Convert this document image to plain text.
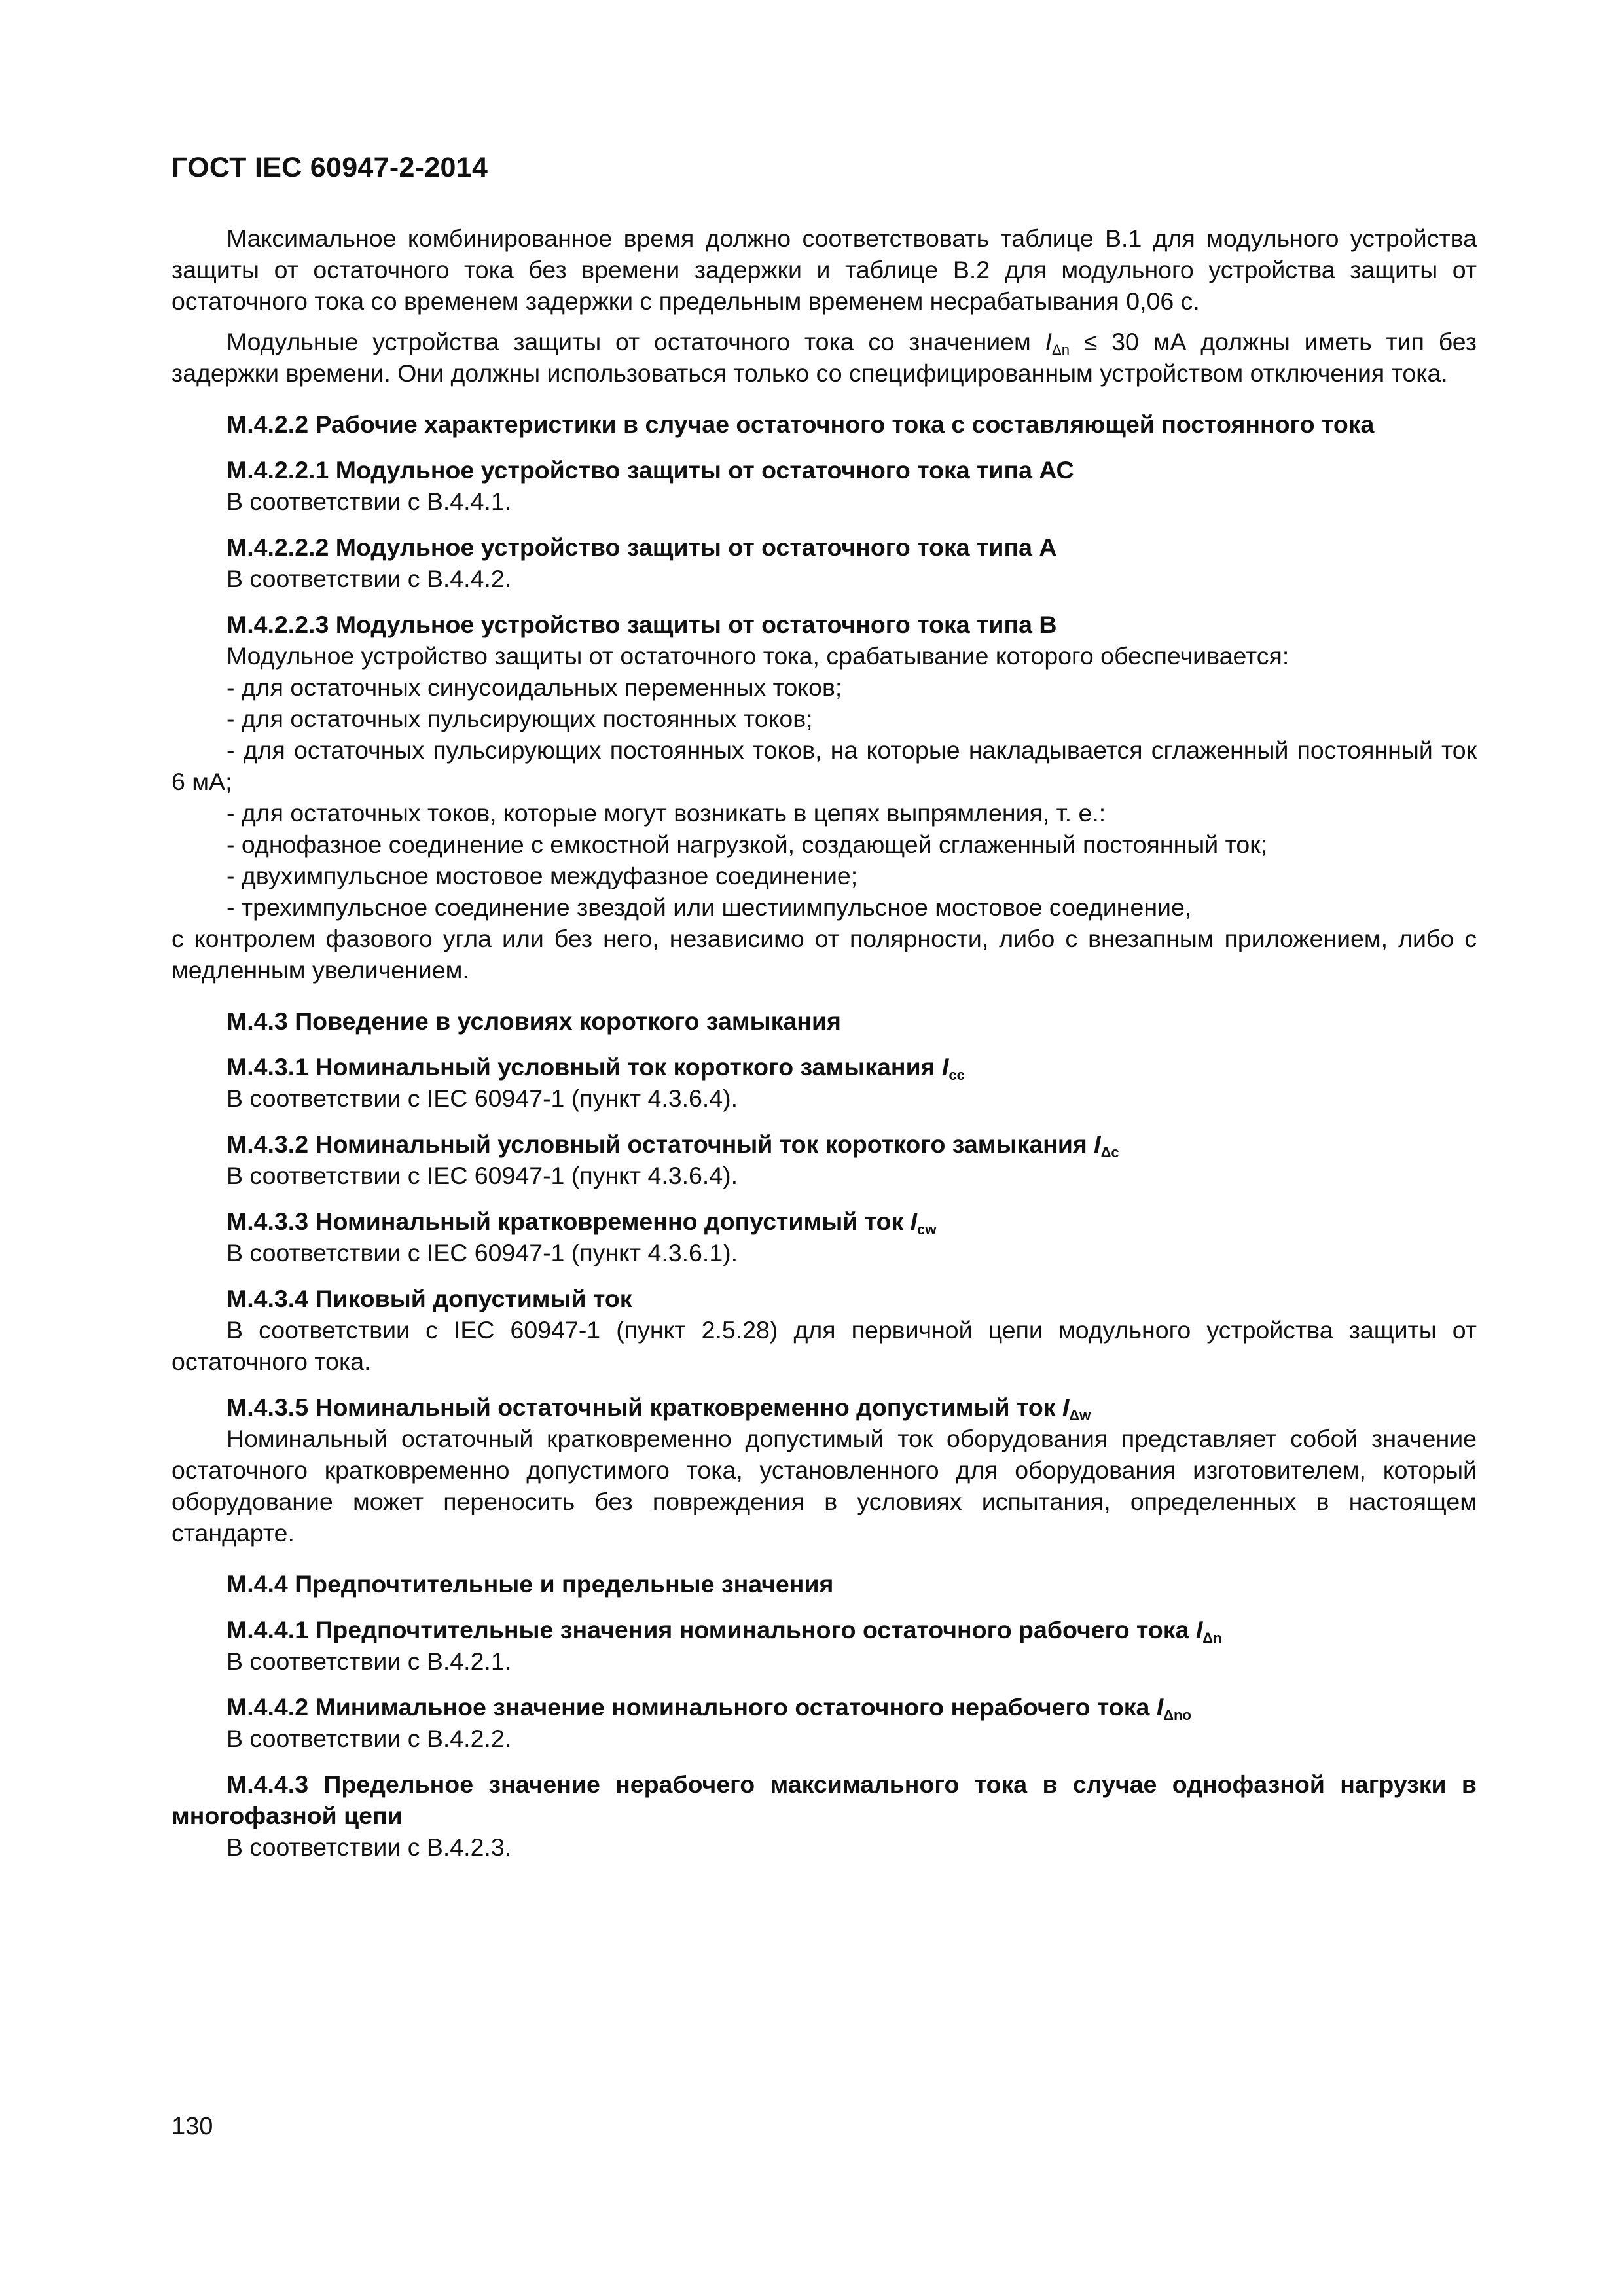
ГОСТ IEC 60947-2-2014

Максимальное комбинированное время должно соответствовать таблице B.1 для модульного устройства защиты от остаточного тока без времени задержки и таблице B.2 для модульного устройства защиты от остаточного тока со временем задержки с предельным временем несрабатывания 0,06 с.

Модульные устройства защиты от остаточного тока со значением $I_{\Delta n} \le 30$ мА должны иметь тип без задержки времени. Они должны использоваться только со специфицированным устройством отключения тока.

M.4.2.2 Рабочие характеристики в случае остаточного тока с составляющей постоянного тока

M.4.2.2.1 Модульное устройство защиты от остаточного тока типа АС

В соответствии с B.4.4.1.

M.4.2.2.2 Модульное устройство защиты от остаточного тока типа А

В соответствии с B.4.4.2.

M.4.2.2.3 Модульное устройство защиты от остаточного тока типа В

Модульное устройство защиты от остаточного тока, срабатывание которого обеспечивается:

- для остаточных синусоидальных переменных токов;

- для остаточных пульсирующих постоянных токов;

- для остаточных пульсирующих постоянных токов, на которые накладывается сглаженный постоянный ток 6 мА;

- для остаточных токов, которые могут возникать в цепях выпрямления, т. е.:

- однофазное соединение с емкостной нагрузкой, создающей сглаженный постоянный ток;

- двухимпульсное мостовое междуфазное соединение;

- трехимпульсное соединение звездой или шестиимпульсное мостовое соединение,

с контролем фазового угла или без него, независимо от полярности, либо с внезапным приложением, либо с медленным увеличением.

M.4.3 Поведение в условиях короткого замыкания

M.4.3.1 Номинальный условный ток короткого замыкания $I_{cc}$

В соответствии с IEC 60947-1 (пункт 4.3.6.4).

M.4.3.2 Номинальный условный остаточный ток короткого замыкания $I_{\Delta c}$

В соответствии с IEC 60947-1 (пункт 4.3.6.4).

M.4.3.3 Номинальный кратковременно допустимый ток $I_{cw}$

В соответствии с IEC 60947-1 (пункт 4.3.6.1).

M.4.3.4 Пиковый допустимый ток

В соответствии с IEC 60947-1 (пункт 2.5.28) для первичной цепи модульного устройства защиты от остаточного тока.

M.4.3.5 Номинальный остаточный кратковременно допустимый ток $I_{\Delta w}$

Номинальный остаточный кратковременно допустимый ток оборудования представляет собой значение остаточного кратковременно допустимого тока, установленного для оборудования изготовителем, который оборудование может переносить без повреждения в условиях испытания, определенных в настоящем стандарте.

M.4.4 Предпочтительные и предельные значения

M.4.4.1 Предпочтительные значения номинального остаточного рабочего тока $I_{\Delta n}$

В соответствии с B.4.2.1.

M.4.4.2 Минимальное значение номинального остаточного нерабочего тока $I_{\Delta no}$

В соответствии с B.4.2.2.

M.4.4.3 Предельное значение нерабочего максимального тока в случае однофазной нагрузки в многофазной цепи

В соответствии с B.4.2.3.

130
